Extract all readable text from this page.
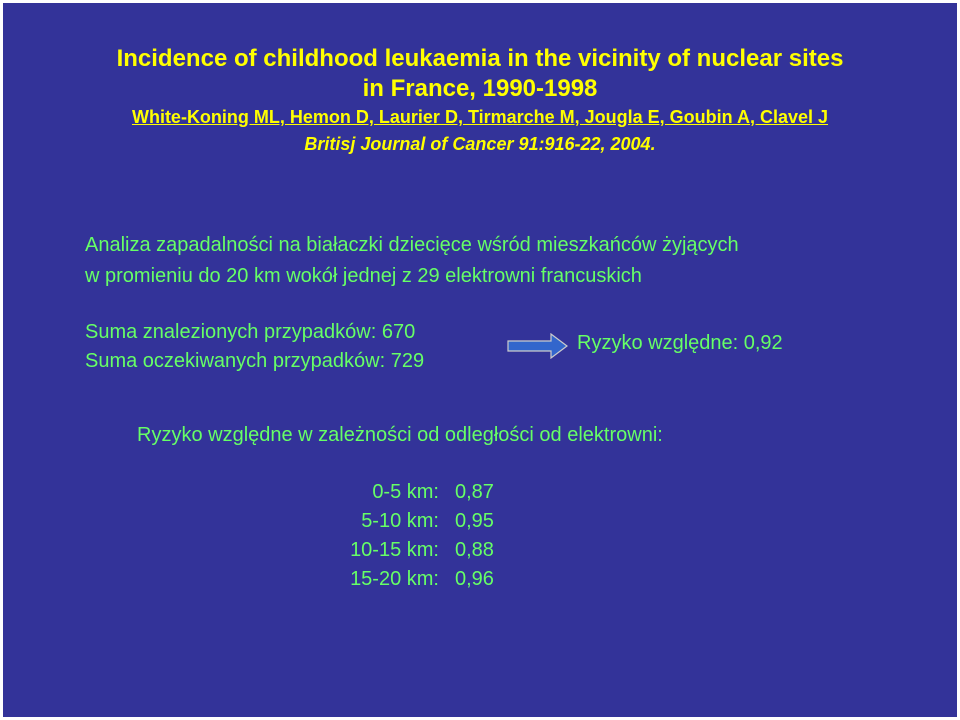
Incidence of childhood leukaemia in the vicinity of nuclear sites
in France, 1990-1998
White-Koning ML, Hemon D, Laurier D, Tirmarche M, Jougla E, Goubin A, Clavel J
Britisj Journal of Cancer 91:916-22, 2004.
Analiza zapadalności na białaczki dziecięce wśród mieszkańców żyjących
w promieniu do 20 km wokół jednej z 29 elektrowni francuskich
Suma znalezionych przypadków: 670
Suma oczekiwanych przypadków: 729
Ryzyko względne: 0,92
Ryzyko względne w zależności od odległości od elektrowni:
0-5 km: 0,87
5-10 km: 0,95
10-15 km: 0,88
15-20 km: 0,96
